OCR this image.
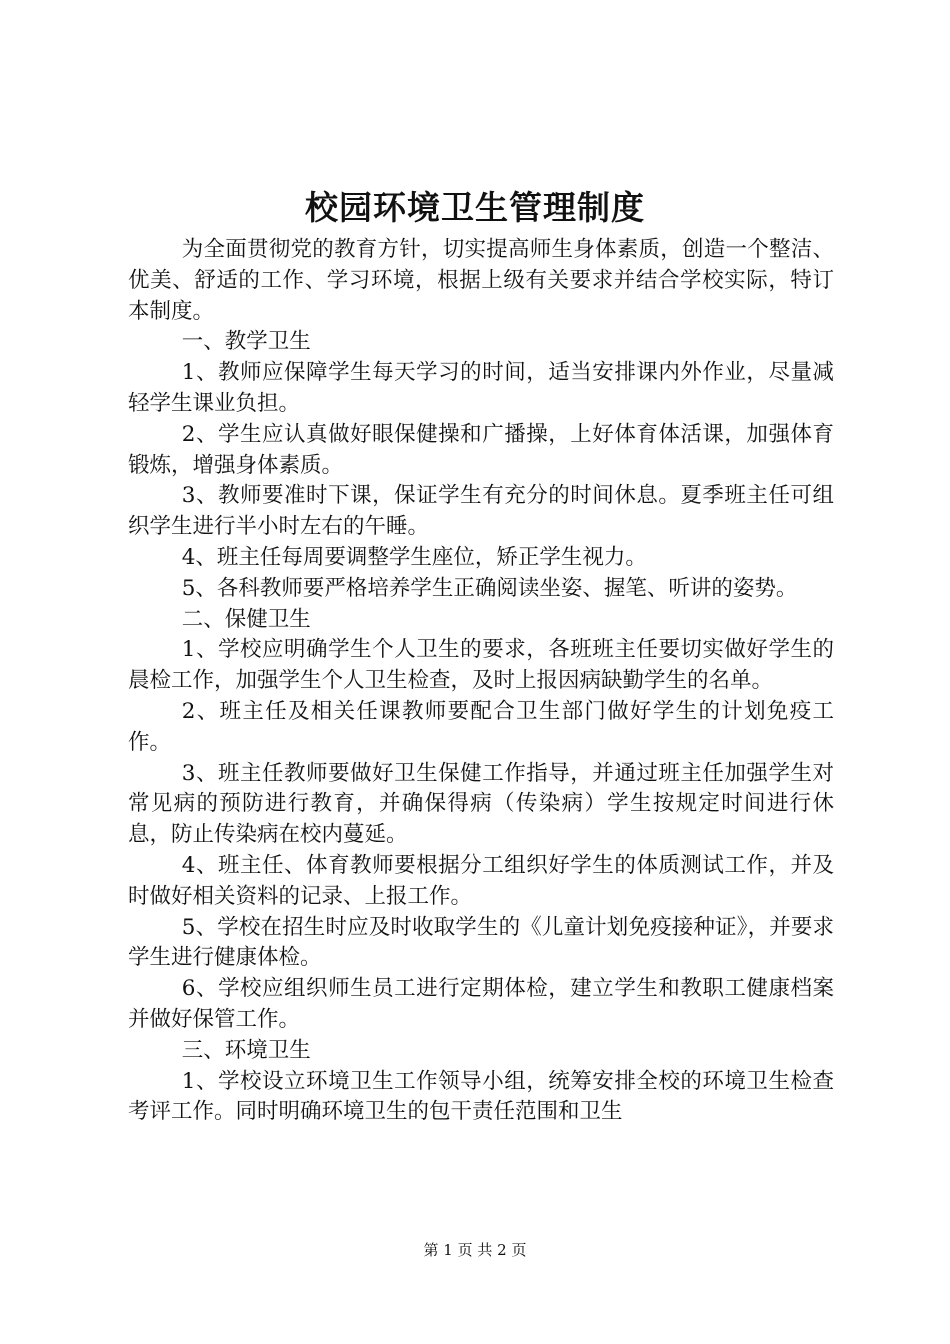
校园环境卫生管理制度

为全面贯彻党的教育方针，切实提高师生身体素质，创造一个整洁、优美、舒适的工作、学习环境，根据上级有关要求并结合学校实际，特订本制度。

一、教学卫生

1、教师应保障学生每天学习的时间，适当安排课内外作业，尽量减轻学生课业负担。

2、学生应认真做好眼保健操和广播操，上好体育体活课，加强体育锻炼，增强身体素质。

3、教师要准时下课，保证学生有充分的时间休息。夏季班主任可组织学生进行半小时左右的午睡。

4、班主任每周要调整学生座位，矫正学生视力。

5、各科教师要严格培养学生正确阅读坐姿、握笔、听讲的姿势。

二、保健卫生

1、学校应明确学生个人卫生的要求，各班班主任要切实做好学生的晨检工作，加强学生个人卫生检查，及时上报因病缺勤学生的名单。

2、班主任及相关任课教师要配合卫生部门做好学生的计划免疫工作。

3、班主任教师要做好卫生保健工作指导，并通过班主任加强学生对常见病的预防进行教育，并确保得病（传染病）学生按规定时间进行休息，防止传染病在校内蔓延。

4、班主任、体育教师要根据分工组织好学生的体质测试工作，并及时做好相关资料的记录、上报工作。

5、学校在招生时应及时收取学生的《儿童计划免疫接种证》，并要求学生进行健康体检。

6、学校应组织师生员工进行定期体检，建立学生和教职工健康档案并做好保管工作。

三、环境卫生

1、学校设立环境卫生工作领导小组，统筹安排全校的环境卫生检查考评工作。同时明确环境卫生的包干责任范围和卫生

第 1 页 共 2 页
